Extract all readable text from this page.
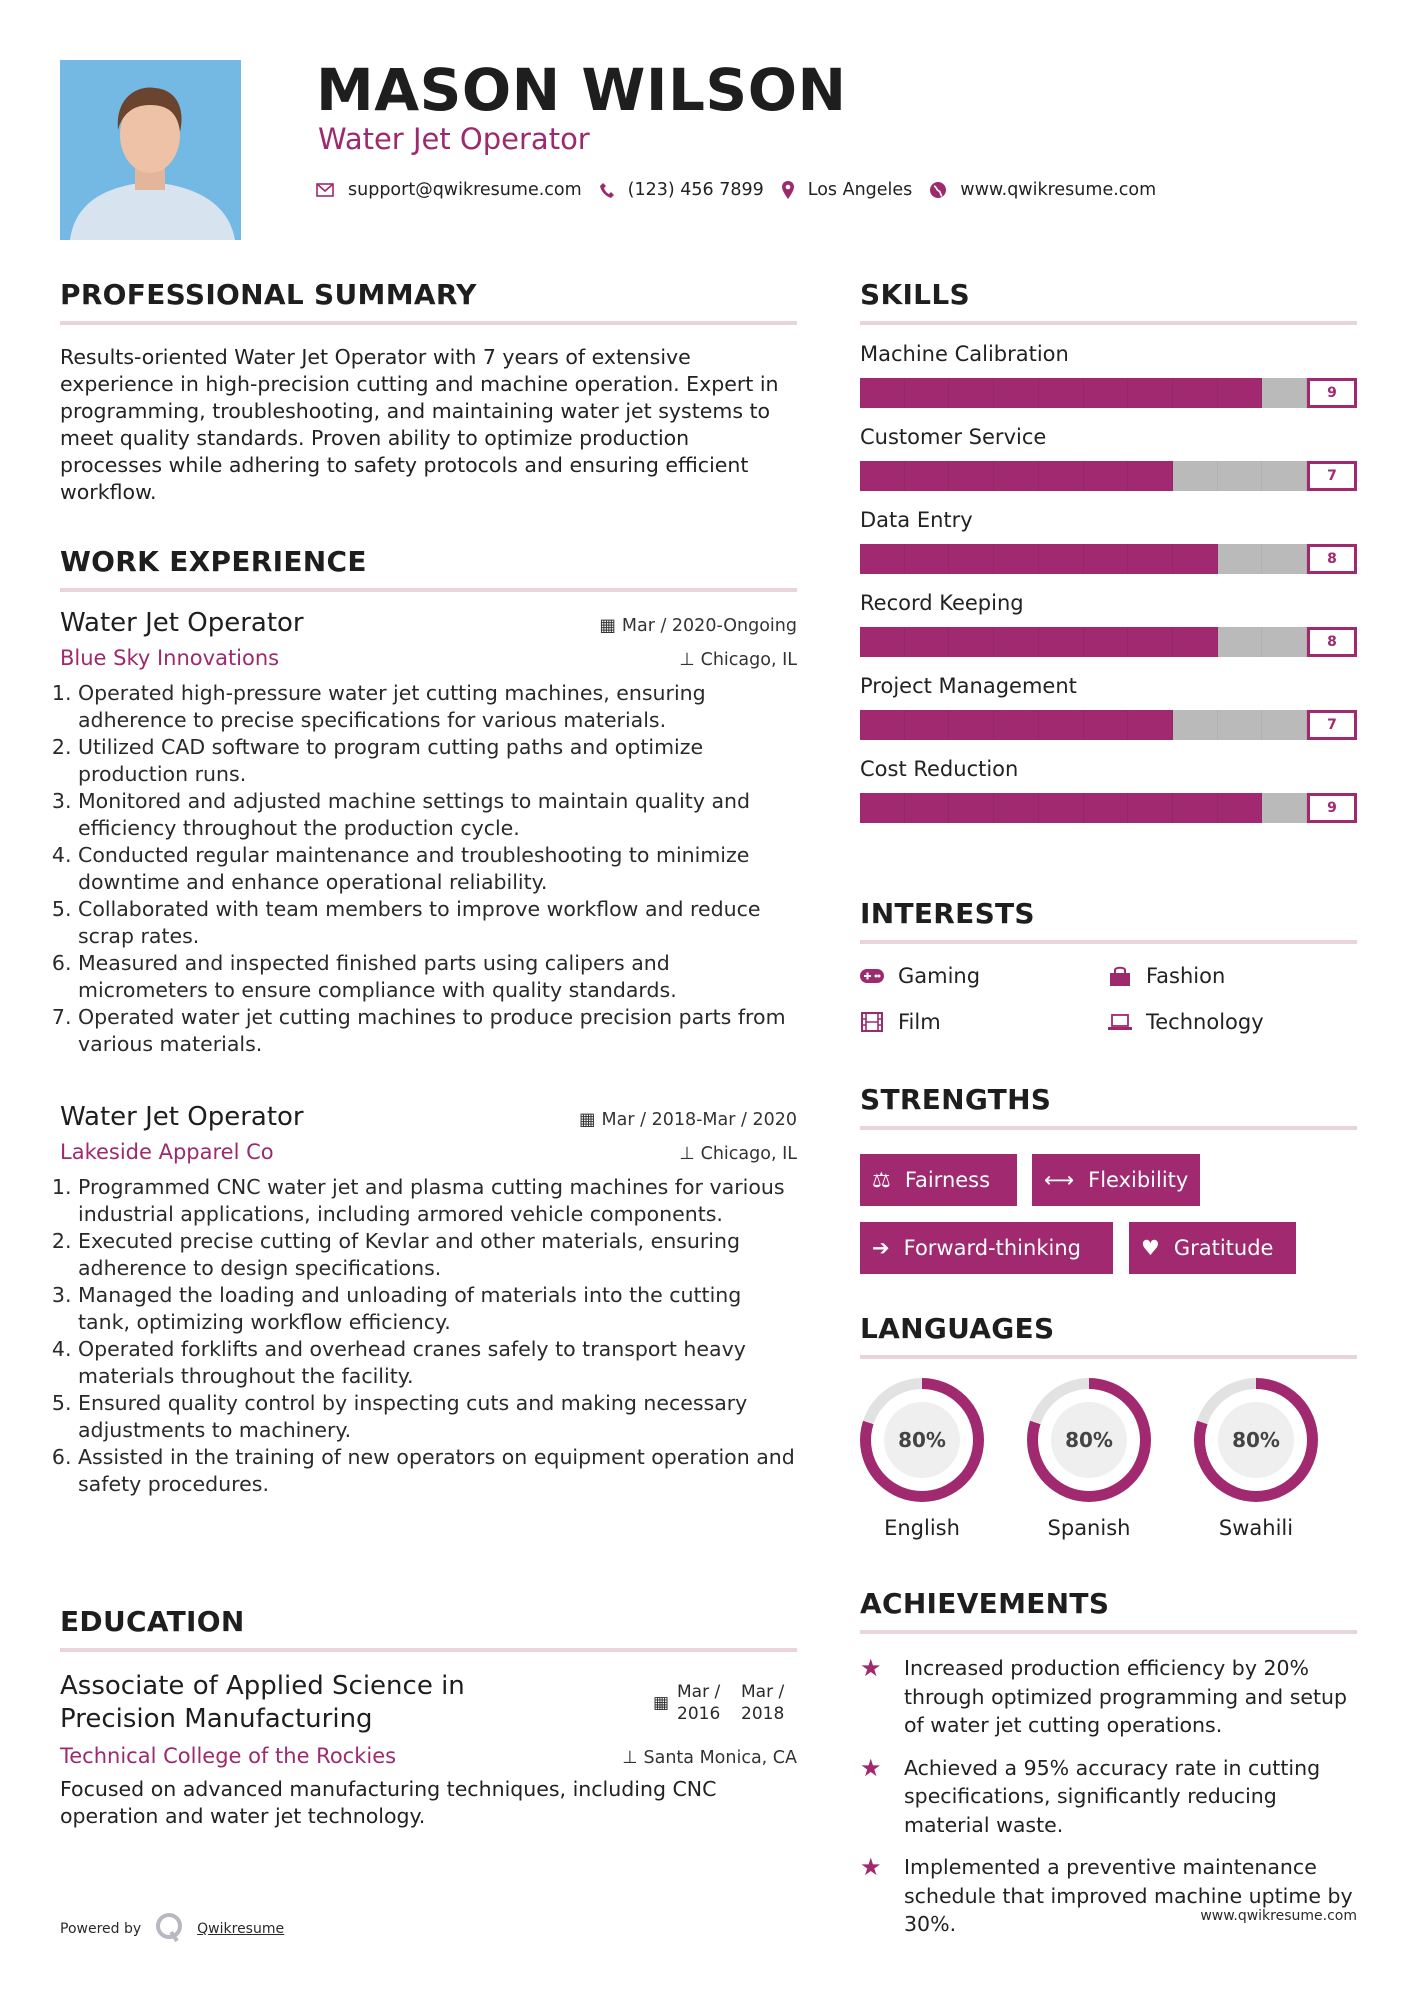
MASON WILSON
Water Jet Operator
support@qwikresume.com	(123) 456 7899	Los Angeles	www.qwikresume.com
PROFESSIONAL SUMMARY
Results-oriented Water Jet Operator with 7 years of extensive experience in high-precision cutting and machine operation. Expert in programming, troubleshooting, and maintaining water jet systems to meet quality standards. Proven ability to optimize production processes while adhering to safety protocols and ensuring efficient workflow.
WORK EXPERIENCE
Water Jet Operator	▦ Mar / 2020-Ongoing
Blue Sky Innovations	⊥ Chicago, IL
1. Operated high-pressure water jet cutting machines, ensuring adherence to precise specifications for various materials.
2. Utilized CAD software to program cutting paths and optimize production runs.
3. Monitored and adjusted machine settings to maintain quality and efficiency throughout the production cycle.
4. Conducted regular maintenance and troubleshooting to minimize downtime and enhance operational reliability.
5. Collaborated with team members to improve workflow and reduce scrap rates.
6. Measured and inspected finished parts using calipers and micrometers to ensure compliance with quality standards.
7. Operated water jet cutting machines to produce precision parts from various materials.
Water Jet Operator	▦ Mar / 2018-Mar / 2020
Lakeside Apparel Co	⊥ Chicago, IL
1. Programmed CNC water jet and plasma cutting machines for various industrial applications, including armored vehicle components.
2. Executed precise cutting of Kevlar and other materials, ensuring adherence to design specifications.
3. Managed the loading and unloading of materials into the cutting tank, optimizing workflow efficiency.
4. Operated forklifts and overhead cranes safely to transport heavy materials throughout the facility.
5. Ensured quality control by inspecting cuts and making necessary adjustments to machinery.
6. Assisted in the training of new operators on equipment operation and safety procedures.
EDUCATION
Associate of Applied Science in Precision Manufacturing
▦
Mar / 2016
Mar / 2018
Technical College of the Rockies	⊥ Santa Monica, CA
Focused on advanced manufacturing techniques, including CNC operation and water jet technology.
Powered by	Qwikresume
www.qwikresume.com
SKILLS
Machine Calibration
9
Customer Service
7
Data Entry
8
Record Keeping
8
Project Management
7
Cost Reduction
9
INTERESTS
Gaming	Fashion
Film	Technology
STRENGTHS
⚖ Fairness	⟷ Flexibility
➔ Forward-thinking	♥ Gratitude
LANGUAGES
80%
English
80%
Spanish
80%
Swahili
ACHIEVEMENTS
★	Increased production efficiency by 20% through optimized programming and setup of water jet cutting operations.
★	Achieved a 95% accuracy rate in cutting specifications, significantly reducing material waste.
★	Implemented a preventive maintenance schedule that improved machine uptime by 30%.
